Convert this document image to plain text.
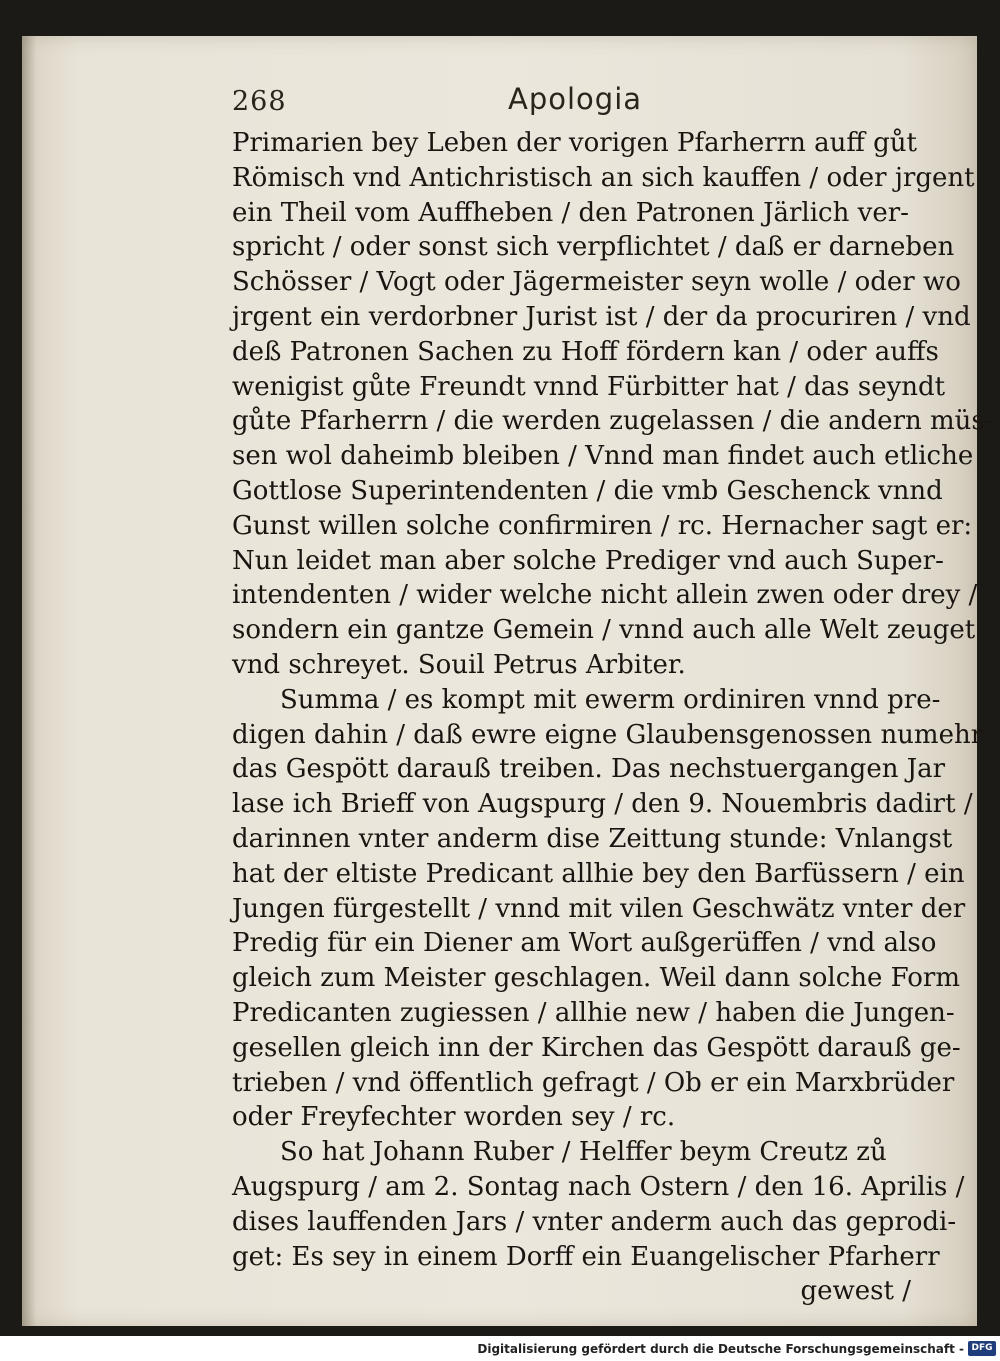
268	Apologia
Primarien bey Leben der vorigen Pfarherrn auff gůt
Römisch vnd Antichristisch an sich kauffen / oder jrgent
ein Theil vom Auffheben / den Patronen Järlich ver-
spricht / oder sonst sich verpflichtet / daß er darneben
Schösser / Vogt oder Jägermeister seyn wolle / oder wo
jrgent ein verdorbner Jurist ist / der da procuriren / vnd
deß Patronen Sachen zu Hoff fördern kan / oder auffs
wenigist gůte Freundt vnnd Fürbitter hat / das seyndt
gůte Pfarherrn / die werden zugelassen / die andern müs-
sen wol daheimb bleiben / Vnnd man findet auch etliche
Gottlose Superintendenten / die vmb Geschenck vnnd
Gunst willen solche confirmiren / rc. Hernacher sagt er:
Nun leidet man aber solche Prediger vnd auch Super-
intendenten / wider welche nicht allein zwen oder drey /
sondern ein gantze Gemein / vnnd auch alle Welt zeuget
vnd schreyet. Souil Petrus Arbiter.
Summa / es kompt mit ewerm ordiniren vnnd pre-
digen dahin / daß ewre eigne Glaubensgenossen numehr
das Gespött darauß treiben. Das nechstuergangen Jar
lase ich Brieff von Augspurg / den 9. Nouembris dadirt /
darinnen vnter anderm dise Zeittung stunde: Vnlangst
hat der eltiste Predicant allhie bey den Barfüssern / ein
Jungen fürgestellt / vnnd mit vilen Geschwätz vnter der
Predig für ein Diener am Wort außgerüffen / vnd also
gleich zum Meister geschlagen. Weil dann solche Form
Predicanten zugiessen / allhie new / haben die Jungen-
gesellen gleich inn der Kirchen das Gespött darauß ge-
trieben / vnd öffentlich gefragt / Ob er ein Marxbrüder
oder Freyfechter worden sey / rc.
So hat Johann Ruber / Helffer beym Creutz zů
Augspurg / am 2. Sontag nach Ostern / den 16. Aprilis /
dises lauffenden Jars / vnter anderm auch das geprodi-
get: Es sey in einem Dorff ein Euangelischer Pfarherr
gewest /
Digitalisierung gefördert durch die Deutsche Forschungsgemeinschaft - DFG
